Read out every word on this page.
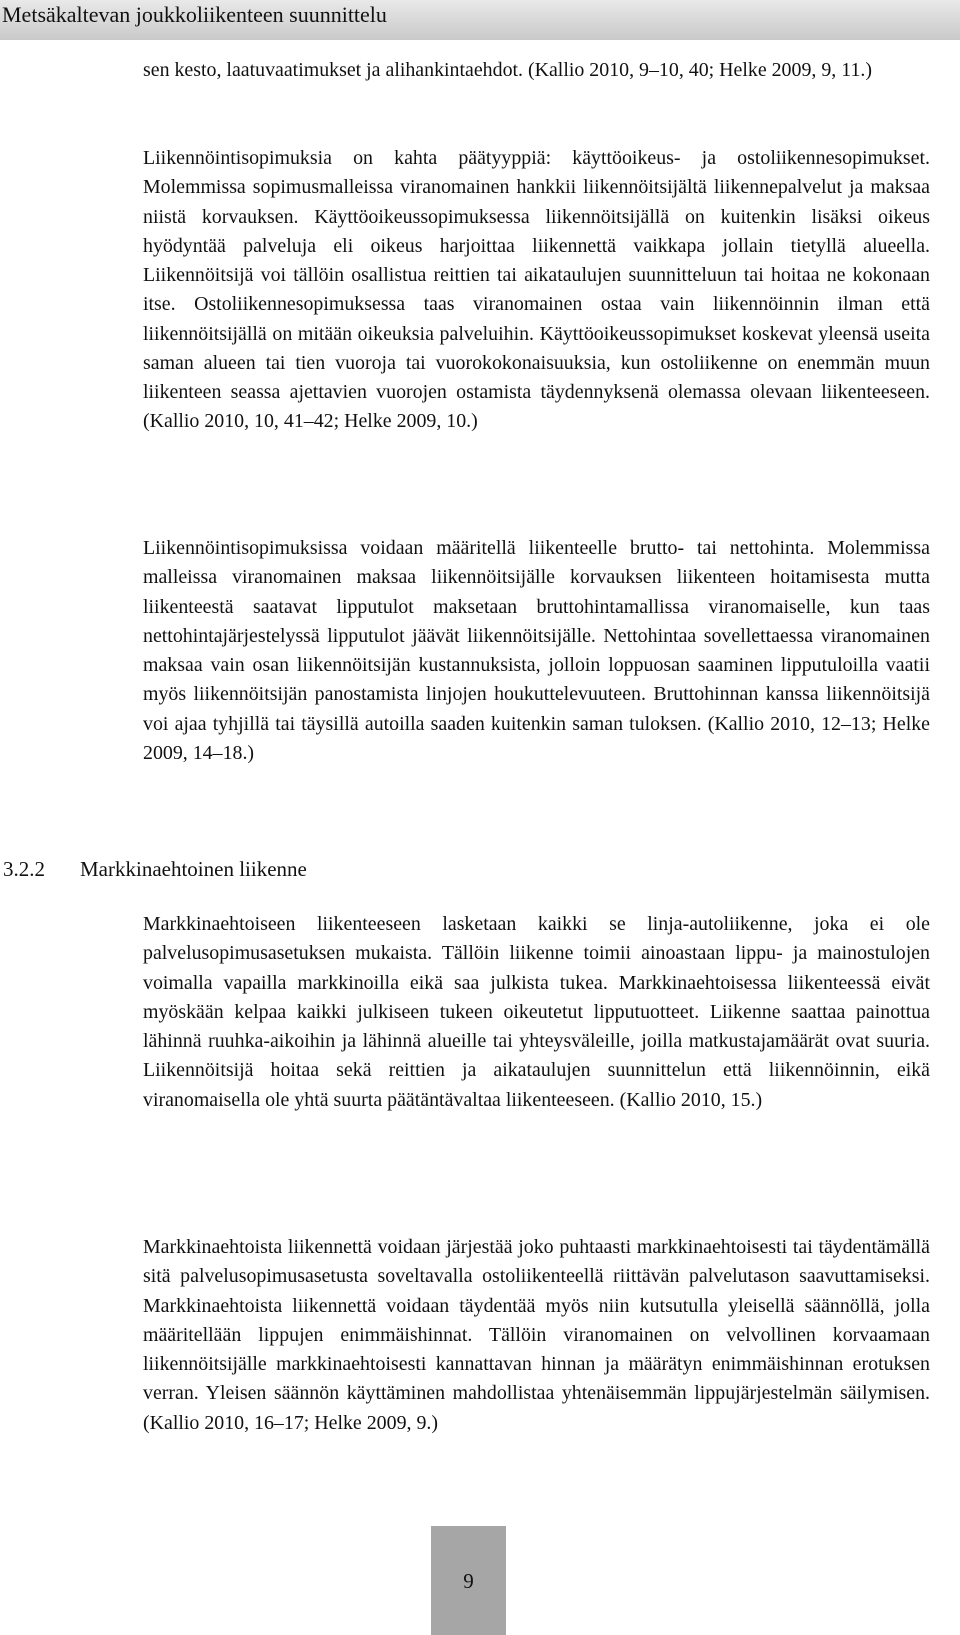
Metsäkaltevan joukkoliikenteen suunnittelu
sen kesto, laatuvaatimukset ja alihankintaehdot. (Kallio 2010, 9–10, 40; Helke 2009, 9, 11.)
Liikennöintisopimuksia on kahta päätyyppiä: käyttöoikeus- ja ostoliikennesopimukset. Molemmissa sopimusmalleissa viranomainen hankkii liikennöitsijältä liikennepalvelut ja maksaa niistä korvauksen. Käyttöoikeussopimuksessa liikennöitsijällä on kuitenkin lisäksi oikeus hyödyntää palveluja eli oikeus harjoittaa liikennettä vaikkapa jollain tietyllä alueella. Liikennöitsijä voi tällöin osallistua reittien tai aikataulujen suunnitteluun tai hoitaa ne kokonaan itse. Ostoliikennesopimuksessa taas viranomainen ostaa vain liikennöinnin ilman että liikennöitsijällä on mitään oikeuksia palveluihin. Käyttöoikeussopimukset koskevat yleensä useita saman alueen tai tien vuoroja tai vuorokokonaisuuksia, kun ostoliikenne on enemmän muun liikenteen seassa ajettavien vuorojen ostamista täydennyksenä olemassa olevaan liikenteeseen. (Kallio 2010, 10, 41–42; Helke 2009, 10.)
Liikennöintisopimuksissa voidaan määritellä liikenteelle brutto- tai nettohinta. Molemmissa malleissa viranomainen maksaa liikennöitsijälle korvauksen liikenteen hoitamisesta mutta liikenteestä saatavat lipputulot maksetaan bruttohintamallissa viranomaiselle, kun taas nettohintajärjestelyssä lipputulot jäävät liikennöitsijälle. Nettohintaa sovellettaessa viranomainen maksaa vain osan liikennöitsijän kustannuksista, jolloin loppuosan saaminen lipputuloilla vaatii myös liikennöitsijän panostamista linjojen houkuttelevuuteen. Bruttohinnan kanssa liikennöitsijä voi ajaa tyhjillä tai täysillä autoilla saaden kuitenkin saman tuloksen. (Kallio 2010, 12–13; Helke 2009, 14–18.)
3.2.2 Markkinaehtoinen liikenne
Markkinaehtoiseen liikenteeseen lasketaan kaikki se linja-autoliikenne, joka ei ole palvelusopimusasetuksen mukaista. Tällöin liikenne toimii ainoastaan lippu- ja mainostulojen voimalla vapailla markkinoilla eikä saa julkista tukea. Markkinaehtoisessa liikenteessä eivät myöskään kelpaa kaikki julkiseen tukeen oikeutetut lipputuotteet. Liikenne saattaa painottua lähinnä ruuhka-aikoihin ja lähinnä alueille tai yhteysväleille, joilla matkustajamäärät ovat suuria. Liikennöitsijä hoitaa sekä reittien ja aikataulujen suunnittelun että liikennöinnin, eikä viranomaisella ole yhtä suurta päätäntävaltaa liikenteeseen. (Kallio 2010, 15.)
Markkinaehtoista liikennettä voidaan järjestää joko puhtaasti markkinaehtoisesti tai täydentämällä sitä palvelusopimusasetusta soveltavalla ostoliikenteellä riittävän palvelutason saavuttamiseksi. Markkinaehtoista liikennettä voidaan täydentää myös niin kutsutulla yleisellä säännöllä, jolla määritellään lippujen enimmäishinnat. Tällöin viranomainen on velvollinen korvaamaan liikennöitsijälle markkinaehtoisesti kannattavan hinnan ja määrätyn enimmäishinnan erotuksen verran. Yleisen säännön käyttäminen mahdollistaa yhtenäisemmän lippujärjestelmän säilymisen. (Kallio 2010, 16–17; Helke 2009, 9.)
9
